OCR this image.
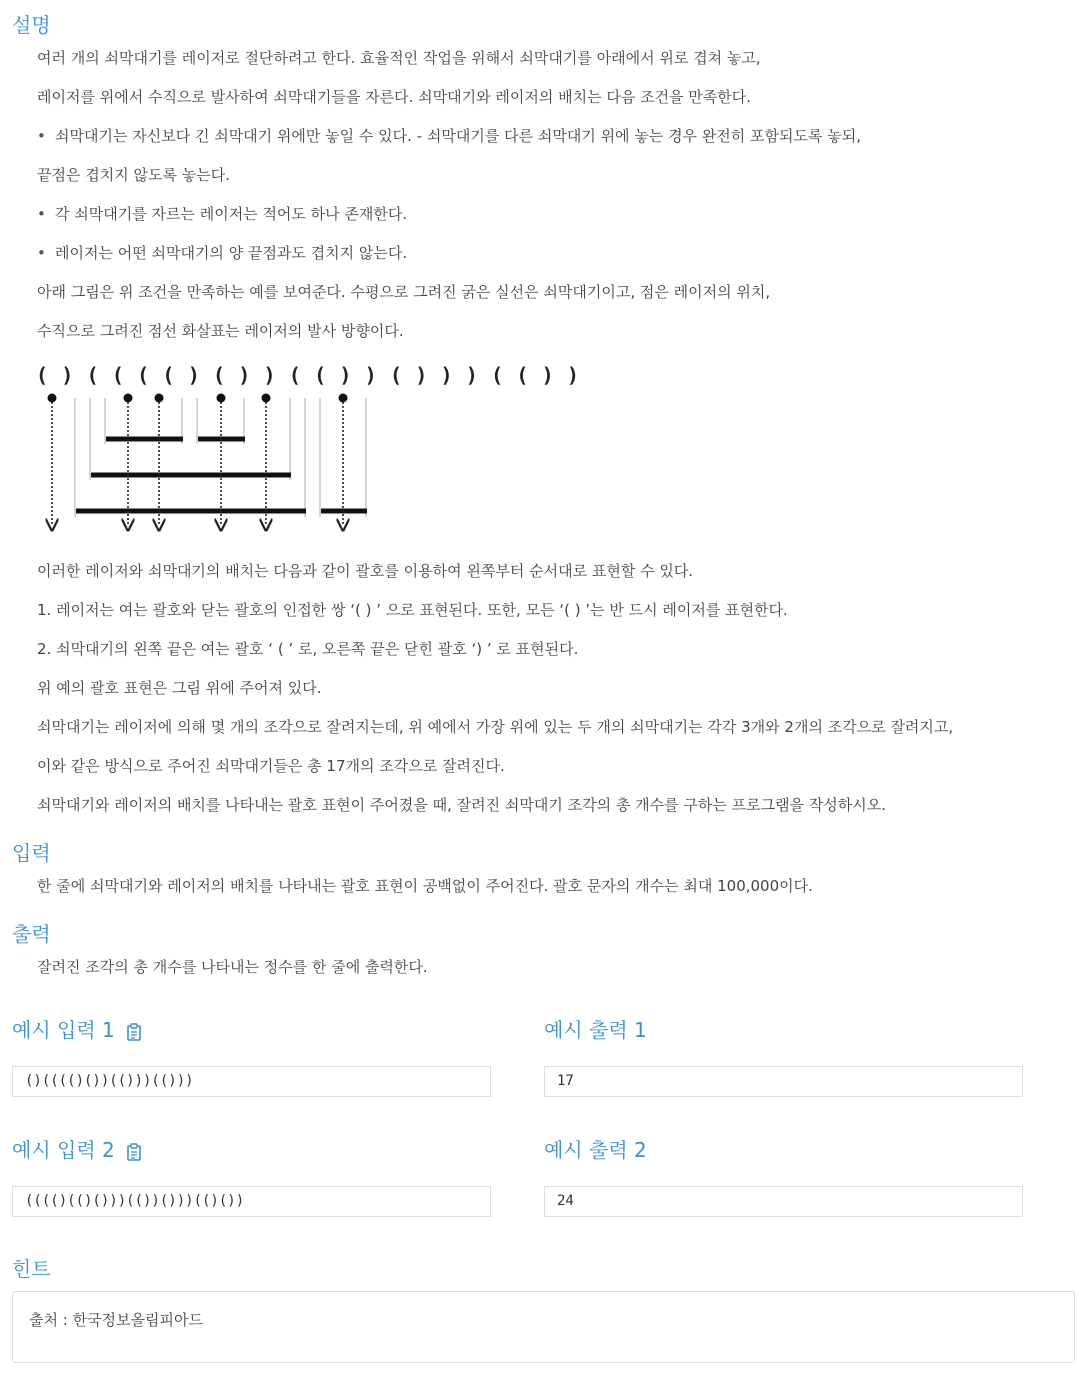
설명

여러 개의 쇠막대기를 레이저로 절단하려고 한다. 효율적인 작업을 위해서 쇠막대기를 아래에서 위로 겹쳐 놓고,

레이저를 위에서 수직으로 발사하여 쇠막대기들을 자른다. 쇠막대기와 레이저의 배치는 다음 조건을 만족한다.

• 쇠막대기는 자신보다 긴 쇠막대기 위에만 놓일 수 있다. - 쇠막대기를 다른 쇠막대기 위에 놓는 경우 완전히 포함되도록 놓되,

끝점은 겹치지 않도록 놓는다.

• 각 쇠막대기를 자르는 레이저는 적어도 하나 존재한다.

• 레이저는 어떤 쇠막대기의 양 끝점과도 겹치지 않는다.

아래 그림은 위 조건을 만족하는 예를 보여준다. 수평으로 그려진 굵은 실선은 쇠막대기이고, 점은 레이저의 위치,

수직으로 그려진 점선 화살표는 레이저의 발사 방향이다.

( ) ( ( ( ( ) ( ) ) ( ( ) ) ( ) ) ) ( ( ) )

이러한 레이저와 쇠막대기의 배치는 다음과 같이 괄호를 이용하여 왼쪽부터 순서대로 표현할 수 있다.

1. 레이저는 여는 괄호와 닫는 괄호의 인접한 쌍 ‘( ) ’ 으로 표현된다. 또한, 모든 ‘( ) ’는 반 드시 레이저를 표현한다.

2. 쇠막대기의 왼쪽 끝은 여는 괄호 ‘ ( ’ 로, 오른쪽 끝은 닫힌 괄호 ‘) ’ 로 표현된다.

위 예의 괄호 표현은 그림 위에 주어져 있다.

쇠막대기는 레이저에 의해 몇 개의 조각으로 잘려지는데, 위 예에서 가장 위에 있는 두 개의 쇠막대기는 각각 3개와 2개의 조각으로 잘려지고,

이와 같은 방식으로 주어진 쇠막대기들은 총 17개의 조각으로 잘려진다.

쇠막대기와 레이저의 배치를 나타내는 괄호 표현이 주어졌을 때, 잘려진 쇠막대기 조각의 총 개수를 구하는 프로그램을 작성하시오.

입력

한 줄에 쇠막대기와 레이저의 배치를 나타내는 괄호 표현이 공백없이 주어진다. 괄호 문자의 개수는 최대 100,000이다.

출력

잘려진 조각의 총 개수를 나타내는 정수를 한 줄에 출력한다.

예시 입력 1	예시 출력 1
()(((()())(()))(()))	17
예시 입력 2	예시 출력 2
(((()(()()))(())()))(()())	24
힌트
출처 : 한국정보올림피아드
